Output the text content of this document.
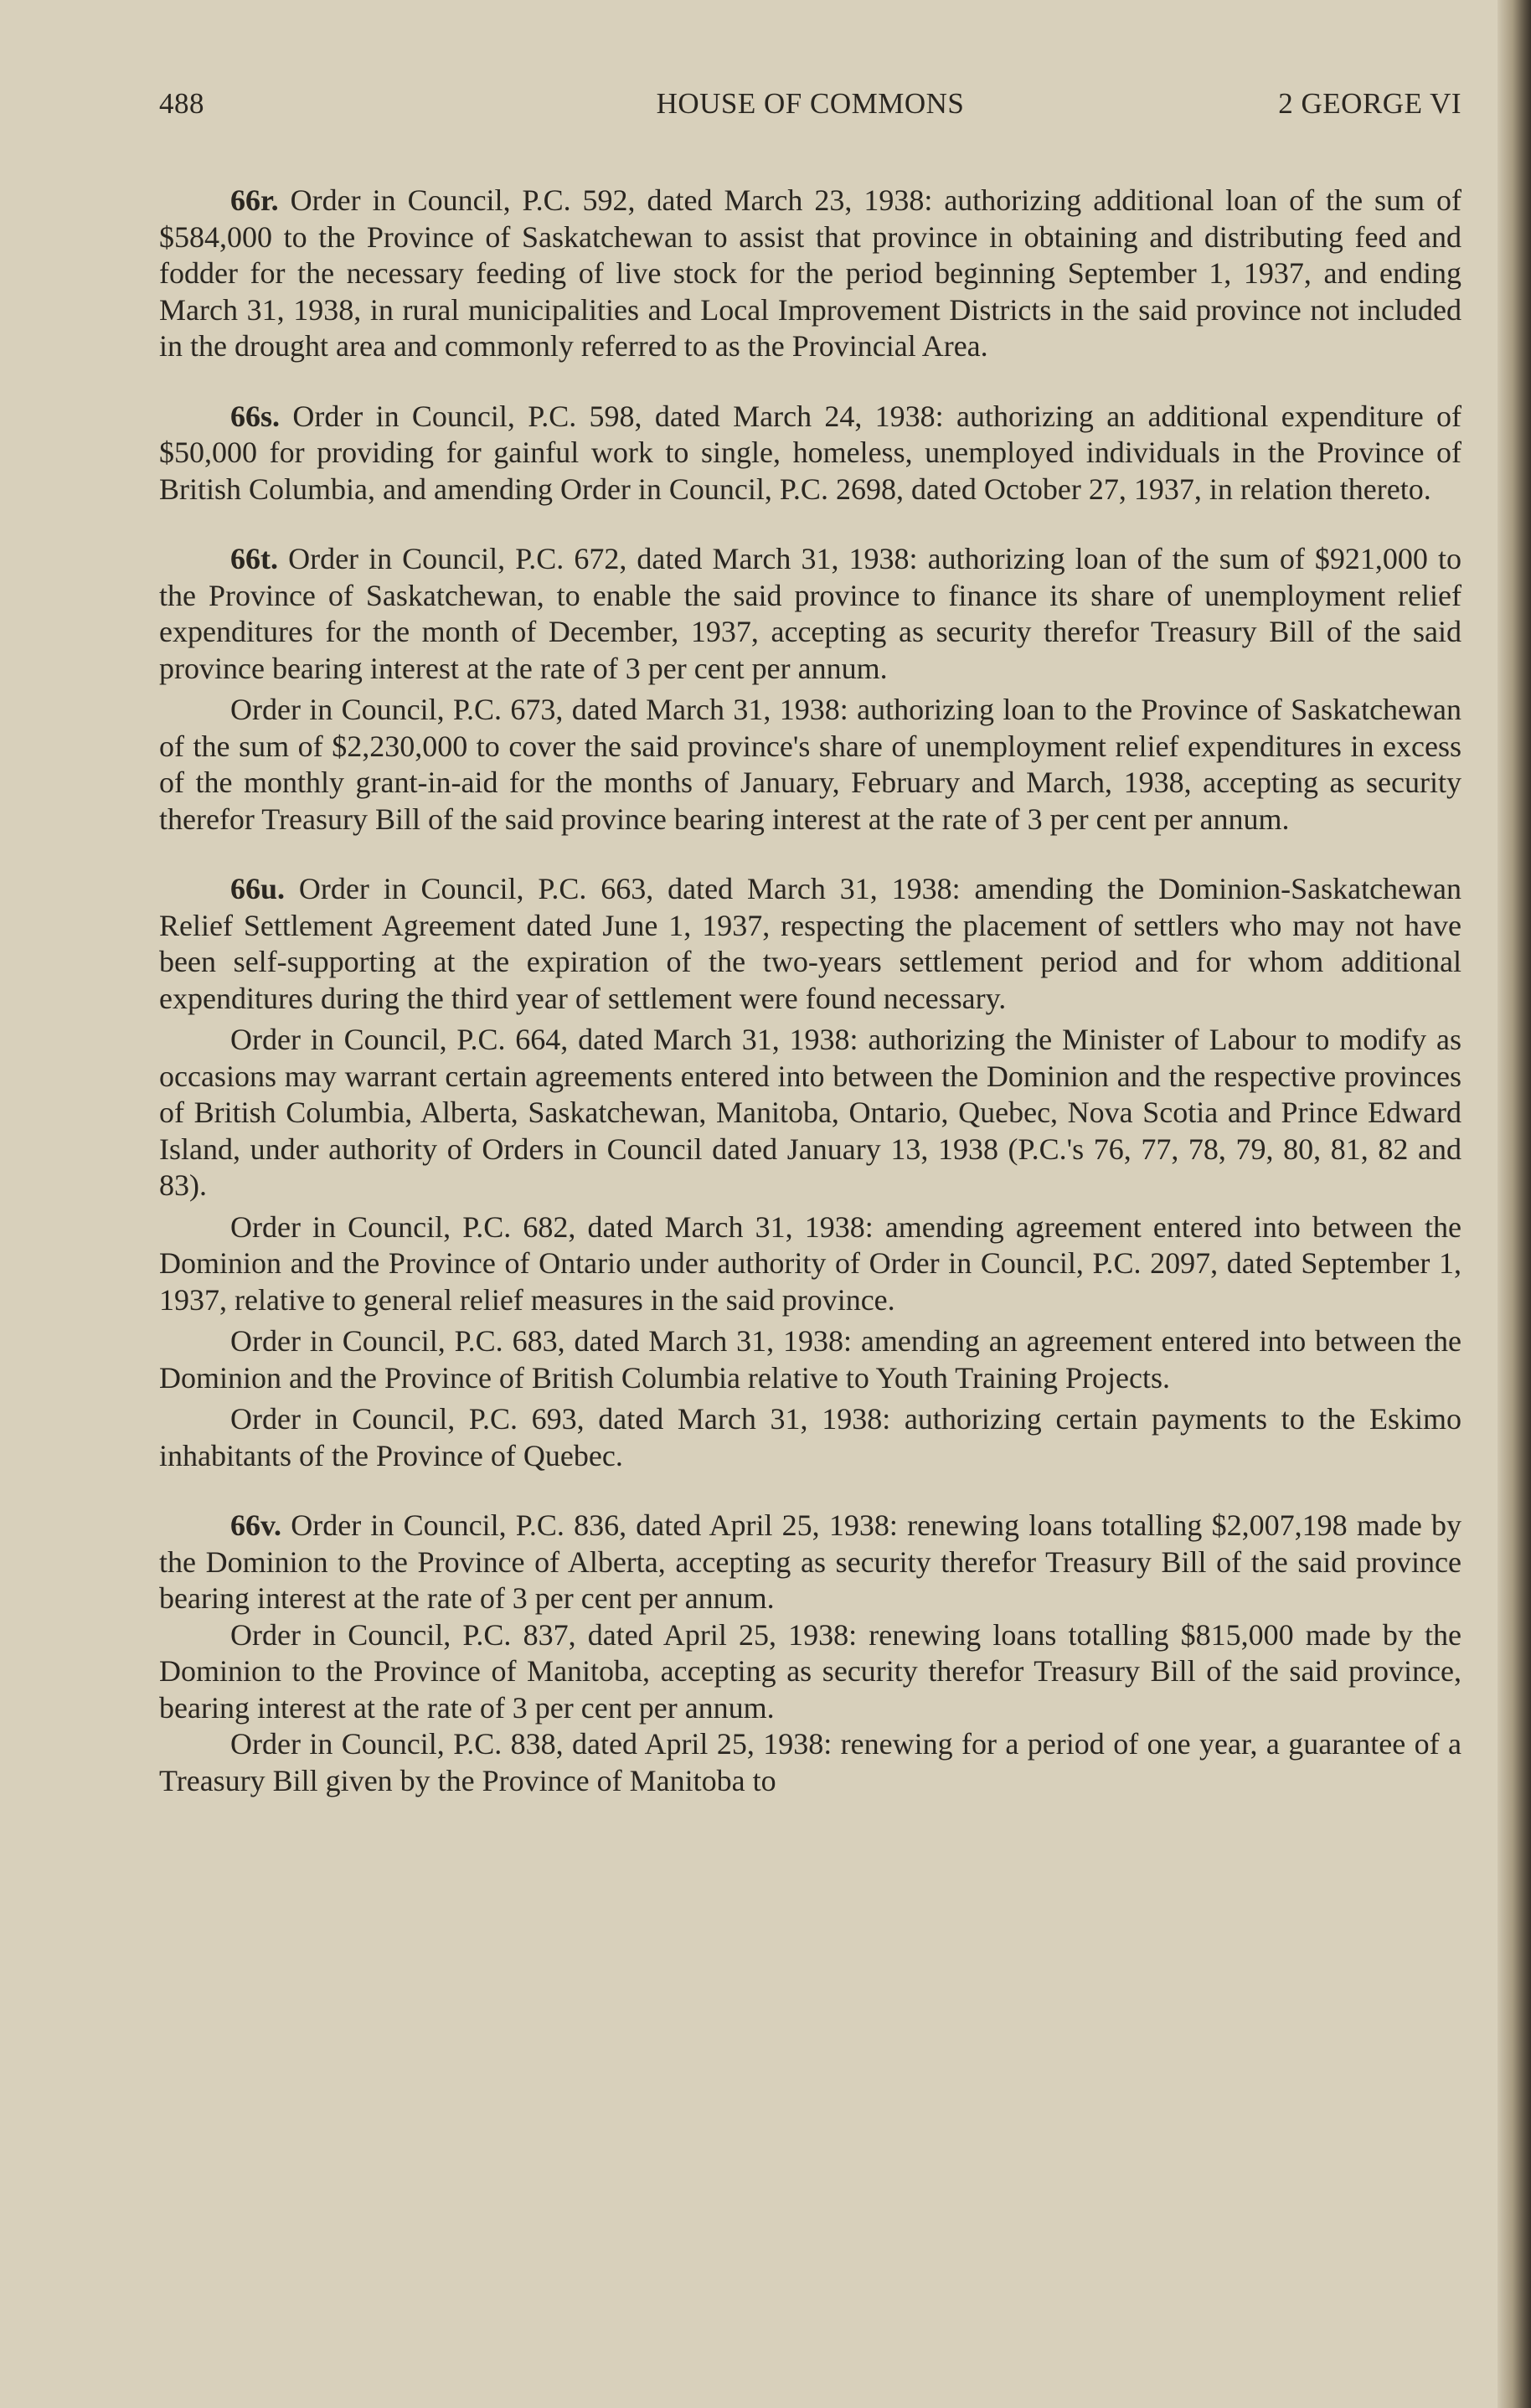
488	HOUSE OF COMMONS	2 GEORGE VI

66r. Order in Council, P.C. 592, dated March 23, 1938: authorizing additional loan of the sum of $584,000 to the Province of Saskatchewan to assist that province in obtaining and distributing feed and fodder for the necessary feeding of live stock for the period beginning September 1, 1937, and ending March 31, 1938, in rural municipalities and Local Improvement Districts in the said province not included in the drought area and commonly referred to as the Provincial Area.

66s. Order in Council, P.C. 598, dated March 24, 1938: authorizing an additional expenditure of $50,000 for providing for gainful work to single, homeless, unemployed individuals in the Province of British Columbia, and amending Order in Council, P.C. 2698, dated October 27, 1937, in relation thereto.

66t. Order in Council, P.C. 672, dated March 31, 1938: authorizing loan of the sum of $921,000 to the Province of Saskatchewan, to enable the said province to finance its share of unemployment relief expenditures for the month of December, 1937, accepting as security therefor Treasury Bill of the said province bearing interest at the rate of 3 per cent per annum.

Order in Council, P.C. 673, dated March 31, 1938: authorizing loan to the Province of Saskatchewan of the sum of $2,230,000 to cover the said province's share of unemployment relief expenditures in excess of the monthly grant-in-aid for the months of January, February and March, 1938, accepting as security therefor Treasury Bill of the said province bearing interest at the rate of 3 per cent per annum.

66u. Order in Council, P.C. 663, dated March 31, 1938: amending the Dominion-Saskatchewan Relief Settlement Agreement dated June 1, 1937, respecting the placement of settlers who may not have been self-supporting at the expiration of the two-years settlement period and for whom additional expenditures during the third year of settlement were found necessary.

Order in Council, P.C. 664, dated March 31, 1938: authorizing the Minister of Labour to modify as occasions may warrant certain agreements entered into between the Dominion and the respective provinces of British Columbia, Alberta, Saskatchewan, Manitoba, Ontario, Quebec, Nova Scotia and Prince Edward Island, under authority of Orders in Council dated January 13, 1938 (P.C.'s 76, 77, 78, 79, 80, 81, 82 and 83).

Order in Council, P.C. 682, dated March 31, 1938: amending agreement entered into between the Dominion and the Province of Ontario under authority of Order in Council, P.C. 2097, dated September 1, 1937, relative to general relief measures in the said province.

Order in Council, P.C. 683, dated March 31, 1938: amending an agreement entered into between the Dominion and the Province of British Columbia relative to Youth Training Projects.

Order in Council, P.C. 693, dated March 31, 1938: authorizing certain payments to the Eskimo inhabitants of the Province of Quebec.

66v. Order in Council, P.C. 836, dated April 25, 1938: renewing loans totalling $2,007,198 made by the Dominion to the Province of Alberta, accepting as security therefor Treasury Bill of the said province bearing interest at the rate of 3 per cent per annum.

Order in Council, P.C. 837, dated April 25, 1938: renewing loans totalling $815,000 made by the Dominion to the Province of Manitoba, accepting as security therefor Treasury Bill of the said province, bearing interest at the rate of 3 per cent per annum.

Order in Council, P.C. 838, dated April 25, 1938: renewing for a period of one year, a guarantee of a Treasury Bill given by the Province of Manitoba to
